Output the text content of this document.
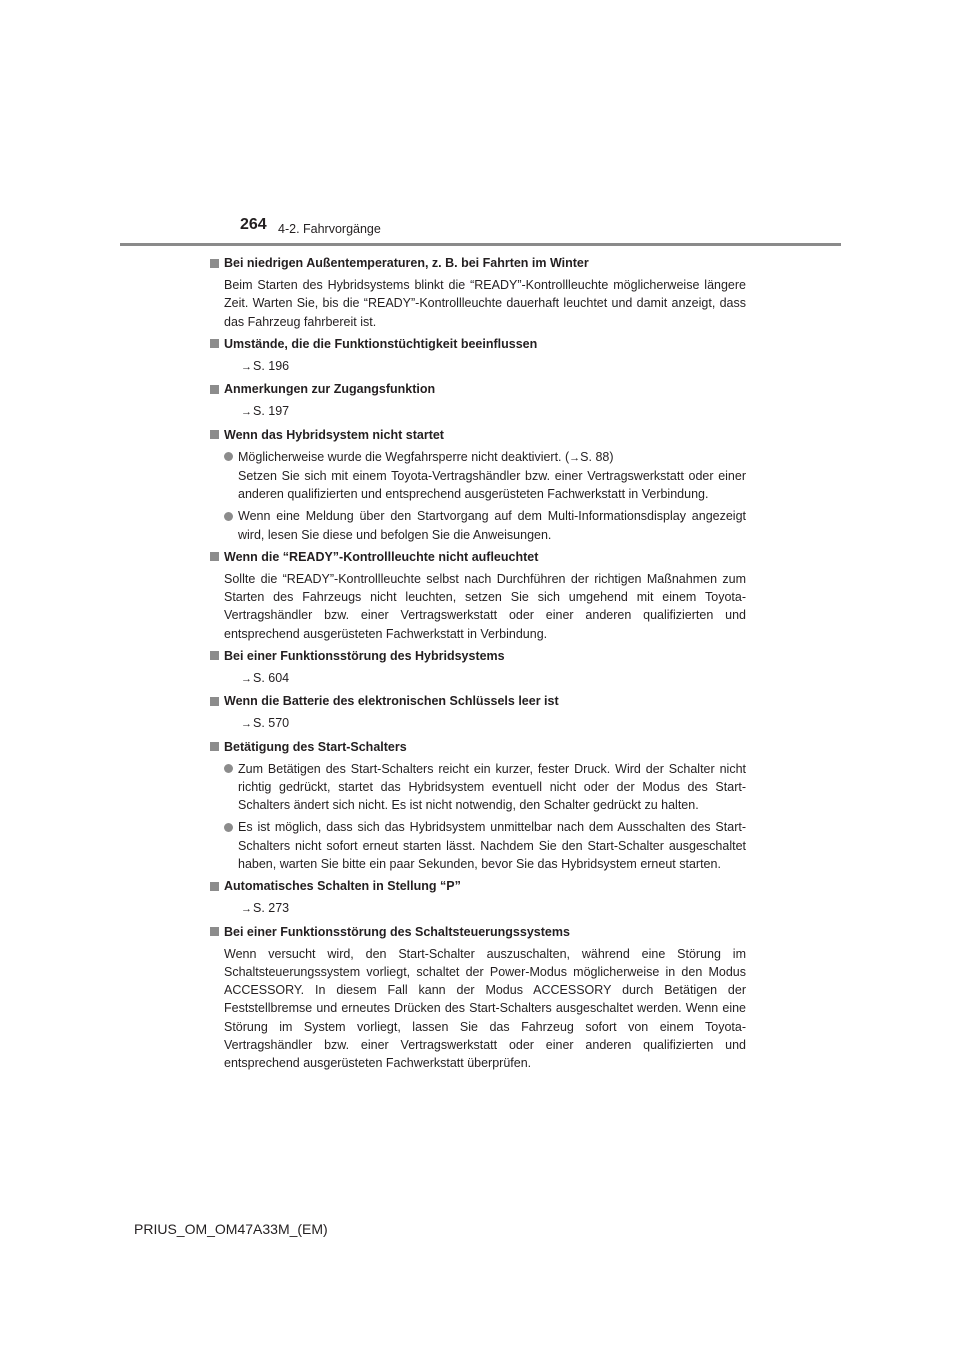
264 4-2. Fahrvorgänge
Bei niedrigen Außentemperaturen, z. B. bei Fahrten im Winter
Beim Starten des Hybridsystems blinkt die “READY”-Kontrollleuchte möglicherweise längere Zeit. Warten Sie, bis die “READY”-Kontrollleuchte dauerhaft leuchtet und damit anzeigt, dass das Fahrzeug fahrbereit ist.
Umstände, die die Funktionstüchtigkeit beeinflussen
→S. 196
Anmerkungen zur Zugangsfunktion
→S. 197
Wenn das Hybridsystem nicht startet
Möglicherweise wurde die Wegfahrsperre nicht deaktiviert. (→S. 88)
Setzen Sie sich mit einem Toyota-Vertragshändler bzw. einer Vertragswerkstatt oder einer anderen qualifizierten und entsprechend ausgerüsteten Fachwerkstatt in Verbindung.
Wenn eine Meldung über den Startvorgang auf dem Multi-Informationsdisplay angezeigt wird, lesen Sie diese und befolgen Sie die Anweisungen.
Wenn die “READY”-Kontrollleuchte nicht aufleuchtet
Sollte die “READY”-Kontrollleuchte selbst nach Durchführen der richtigen Maßnahmen zum Starten des Fahrzeugs nicht leuchten, setzen Sie sich umgehend mit einem Toyota-Vertragshändler bzw. einer Vertragswerkstatt oder einer anderen qualifizierten und entsprechend ausgerüsteten Fachwerkstatt in Verbindung.
Bei einer Funktionsstörung des Hybridsystems
→S. 604
Wenn die Batterie des elektronischen Schlüssels leer ist
→S. 570
Betätigung des Start-Schalters
Zum Betätigen des Start-Schalters reicht ein kurzer, fester Druck. Wird der Schalter nicht richtig gedrückt, startet das Hybridsystem eventuell nicht oder der Modus des Start-Schalters ändert sich nicht. Es ist nicht notwendig, den Schalter gedrückt zu halten.
Es ist möglich, dass sich das Hybridsystem unmittelbar nach dem Ausschalten des Start-Schalters nicht sofort erneut starten lässt. Nachdem Sie den Start-Schalter ausgeschaltet haben, warten Sie bitte ein paar Sekunden, bevor Sie das Hybridsystem erneut starten.
Automatisches Schalten in Stellung “P”
→S. 273
Bei einer Funktionsstörung des Schaltsteuerungssystems
Wenn versucht wird, den Start-Schalter auszuschalten, während eine Störung im Schaltsteuerungssystem vorliegt, schaltet der Power-Modus möglicherweise in den Modus ACCESSORY. In diesem Fall kann der Modus ACCESSORY durch Betätigen der Feststellbremse und erneutes Drücken des Start-Schalters ausgeschaltet werden. Wenn eine Störung im System vorliegt, lassen Sie das Fahrzeug sofort von einem Toyota-Vertragshändler bzw. einer Vertragswerkstatt oder einer anderen qualifizierten und entsprechend ausgerüsteten Fachwerkstatt überprüfen.
PRIUS_OM_OM47A33M_(EM)
